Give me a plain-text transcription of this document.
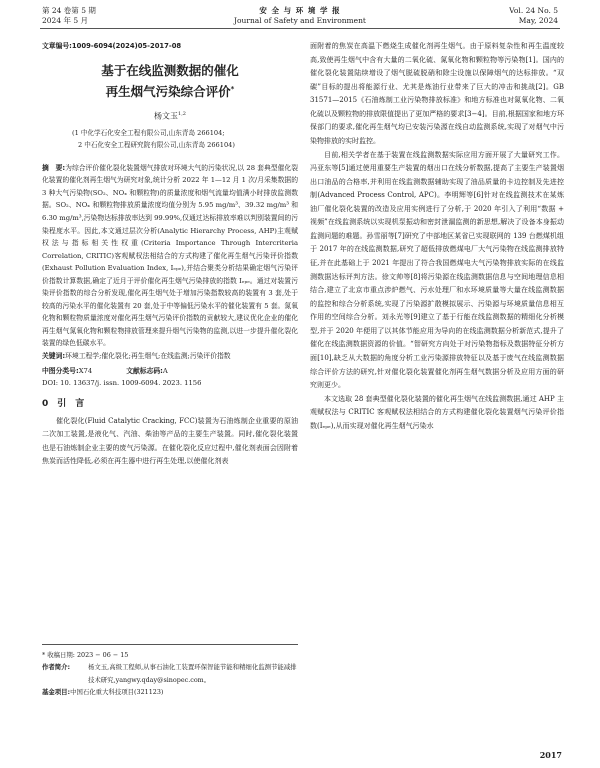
第 24 卷第 5 期
2024 年 5 月
安 全 与 环 境 学 报
Journal of Safety and Environment
Vol. 24 No. 5
May, 2024

文章编号:1009-6094(2024)05-2017-08

基于在线监测数据的催化
再生烟气污染综合评价*

杨文玉$^{1,2}$

(1 中化学石化安全工程有限公司,山东青岛 266104;
2 中石化安全工程研究院有限公司,山东青岛 266104)

摘　要:为综合评价催化裂化装置烟气排放对环境大气的污染状况,以 28 套典型催化裂化装置的催化剂再生烟气为研究对象,统计分析 2022 年 1—12 月 1 次/月采集数据的 3 种大气污染物(SO₂、NOₓ 和颗粒物)的质量浓度和烟气流量均值满小时排放监测数据。SO₂、NOₓ 和颗粒物排放质量浓度均值分别为 5.95 mg/m³、39.32 mg/m³ 和 6.30 mg/m³,污染物达标排放率达到 99.99%,仅通过达标排放率难以判别装置间的污染程度水平。因此,本文通过层次分析(Analytic Hierarchy Process, AHP)主观赋权法与指标相关性权重(Criteria Importance Through Intercriteria Correlation, CRITIC)客观赋权法相结合的方式构建了催化再生烟气污染评价指数(Exhaust Pollution Evaluation Index, Iₑₚₑ),并结合聚类分析结果确定烟气污染评价指数计算数据,确定了近月于评价催化再生烟气污染排放的指数 Iₑₚₑ。通过对装置污染评价指数的综合分析发现,催化再生烟气处于增加污染指数较高的装置有 3 套,处于较高的污染水平的催化装置有 20 套,处于中等偏低污染水平的催化装置有 5 套。氮氧化物和颗粒物质量浓度对催化再生烟气污染评价指数的贡献较大,建议优化企业的催化再生烟气氮氧化物和颗粒物排放管理来提升烟气污染物的监测,以进一步提升催化裂化装置的绿色低碳水平。

关键词:环境工程学;催化裂化;再生烟气;在线监测;污染评价指数

中图分类号: X74	文献标志码: A

DOI: 10. 13637/j. issn. 1009-6094. 2023. 1156

0　引　言

催化裂化(Fluid Catalytic Cracking, FCC)装置为石油炼制企业重要的原油二次加工装置,是液化气、汽油、柴油等产品的主要生产装置。同时,催化裂化装置也是石油炼制企业主要的废气污染源。在催化裂化反应过程中,催化剂表面会因附着焦炭而活性降低,必须在再生器中进行再生处理,以使催化剂表

* 收稿日期: 2023 − 06 − 15

作者简介:	杨文玉,高级工程师,从事石油化工装置环保智能节能和精细化监测节能减排技术研究,yangwy.qday@sinopec.com。

基金项目:中国石化重大科技项目(321123)

面附着的焦炭在高温下燃烧生成催化剂再生烟气。由于原料复杂性和再生温度较高,致使再生烟气中含有大量的二氧化硫、氮氧化物和颗粒物等污染物[1]。国内的催化裂化装置陆续增设了烟气脱硫脱硝和除尘设施以保障烟气的达标排放。“双碳”目标的提出将能源行业、尤其是炼油行业带来了巨大的冲击和挑战[2]。GB 31571—2015《石油炼制工业污染物排放标准》和地方标准也对氮氧化物、二氧化硫以及颗粒物的排放限值提出了更加严格的要求[3−4]。目前,根据国家和地方环保部门的要求,催化再生烟气均已安装污染源在线自动监测系统,实现了对烟气中污染物排放的实时监控。

目前,相关学者在基于装置在线监测数据实际应用方面开展了大量研究工作。冯亚东等[5]通过使用重要生产装置的烟出口在线分析数据,提高了主要生产装置烟出口油品的合格率,并利用在线监测数据辅助实现了油品质量的卡边控制及先进控制(Advanced Process Control, APC)。李明辉等[6]针对在线监测技术在某炼油厂催化裂化装置的改造及应用实例进行了分析,于 2020 年引入了利用“数据 + 视频”在线监测系统以实现机泵振动和密封泄漏监测的新思想,解决了设备本身振动监测问题的难题。孙雪丽等[7]研究了中部地区某省已实现联网的 139 台燃煤机组于 2017 年的在线监测数据,研究了超低排放燃煤电厂大气污染物在线监测排放特征,并在此基础上于 2021 年提出了符合我国燃煤电大气污染物排放实际的在线监测数据达标评判方法。徐文帅等[8]将污染源在线监测数据信息与空间地理信息相结合,建立了北京市重点涉炉燃气、污水处理厂和水环境质量等大量在线监测数据的监控和综合分析系统,实现了污染源扩散模拟展示、污染源与环境质量信息相互作用的空间综合分析。刘永光等[9]建立了基于行能在线监测数据的精细化分析模型,并于 2020 年便用了以其体节能应用为导向的在线监测数据分析新范式,提升了催化在线监测数据资源的价值。“智研究方向处于对污染物指标及数据特征分析方面[10],缺乏从大数据的角度分析工业污染源排放特征以及基于废气在线监测数据综合评价方法的研究,针对催化裂化装置催化剂再生烟气数据分析及应用方面的研究则更少。

本文选取 28 套典型催化裂化装置的催化再生烟气在线监测数据,通过 AHP 主观赋权法与 CRITIC 客观赋权法相结合的方式构建催化裂化装置烟气污染评价指数(Iₑₚₑ),从而实现对催化再生烟气污染水

2017
